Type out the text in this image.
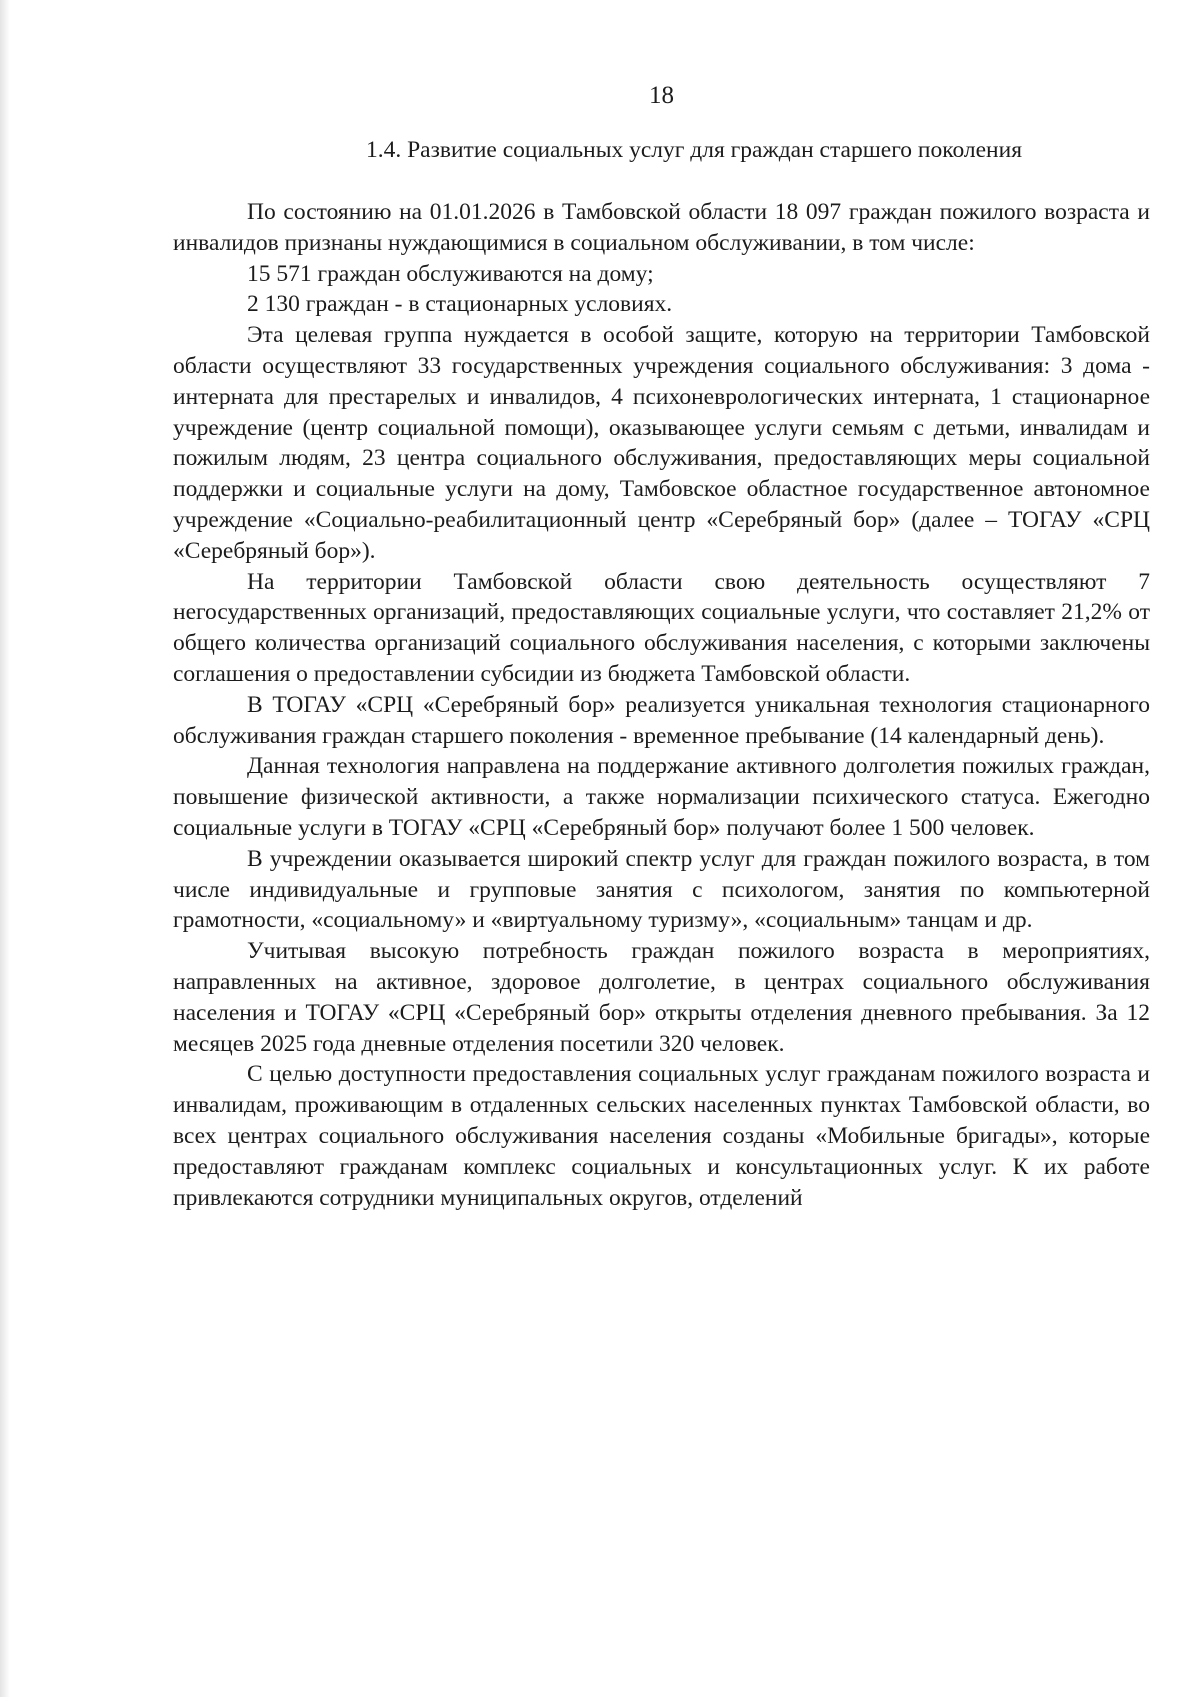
18
1.4. Развитие социальных услуг для граждан старшего поколения

По состоянию на 01.01.2026 в Тамбовской области 18 097 граждан пожилого возраста и инвалидов признаны нуждающимися в социальном обслуживании, в том числе:

15 571 граждан обслуживаются на дому;

2 130 граждан - в стационарных условиях.

Эта целевая группа нуждается в особой защите, которую на территории Тамбовской области осуществляют 33 государственных учреждения социального обслуживания: 3 дома - интерната для престарелых и инвалидов, 4 психоневрологических интерната, 1 стационарное учреждение (центр социальной помощи), оказывающее услуги семьям с детьми, инвалидам и пожилым людям, 23 центра социального обслуживания, предоставляющих меры социальной поддержки и социальные услуги на дому, Тамбовское областное государственное автономное учреждение «Социально-реабилитационный центр «Серебряный бор» (далее – ТОГАУ «СРЦ «Серебряный бор»).

На территории Тамбовской области свою деятельность осуществляют 7 негосударственных организаций, предоставляющих социальные услуги, что составляет 21,2% от общего количества организаций социального обслуживания населения, с которыми заключены соглашения о предоставлении субсидии из бюджета Тамбовской области.

В ТОГАУ «СРЦ «Серебряный бор» реализуется уникальная технология стационарного обслуживания граждан старшего поколения - временное пребывание (14 календарный день).

Данная технология направлена на поддержание активного долголетия пожилых граждан, повышение физической активности, а также нормализации психического статуса. Ежегодно социальные услуги в ТОГАУ «СРЦ «Серебряный бор» получают более 1 500 человек.

В учреждении оказывается широкий спектр услуг для граждан пожилого возраста, в том числе индивидуальные и групповые занятия с психологом, занятия по компьютерной грамотности, «социальному» и «виртуальному туризму», «социальным» танцам и др.

Учитывая высокую потребность граждан пожилого возраста в мероприятиях, направленных на активное, здоровое долголетие, в центрах социального обслуживания населения и ТОГАУ «СРЦ «Серебряный бор» открыты отделения дневного пребывания. За 12 месяцев 2025 года дневные отделения посетили 320 человек.

С целью доступности предоставления социальных услуг гражданам пожилого возраста и инвалидам, проживающим в отдаленных сельских населенных пунктах Тамбовской области, во всех центрах социального обслуживания населения созданы «Мобильные бригады», которые предоставляют гражданам комплекс социальных и консультационных услуг. К их работе привлекаются сотрудники муниципальных округов, отделений
